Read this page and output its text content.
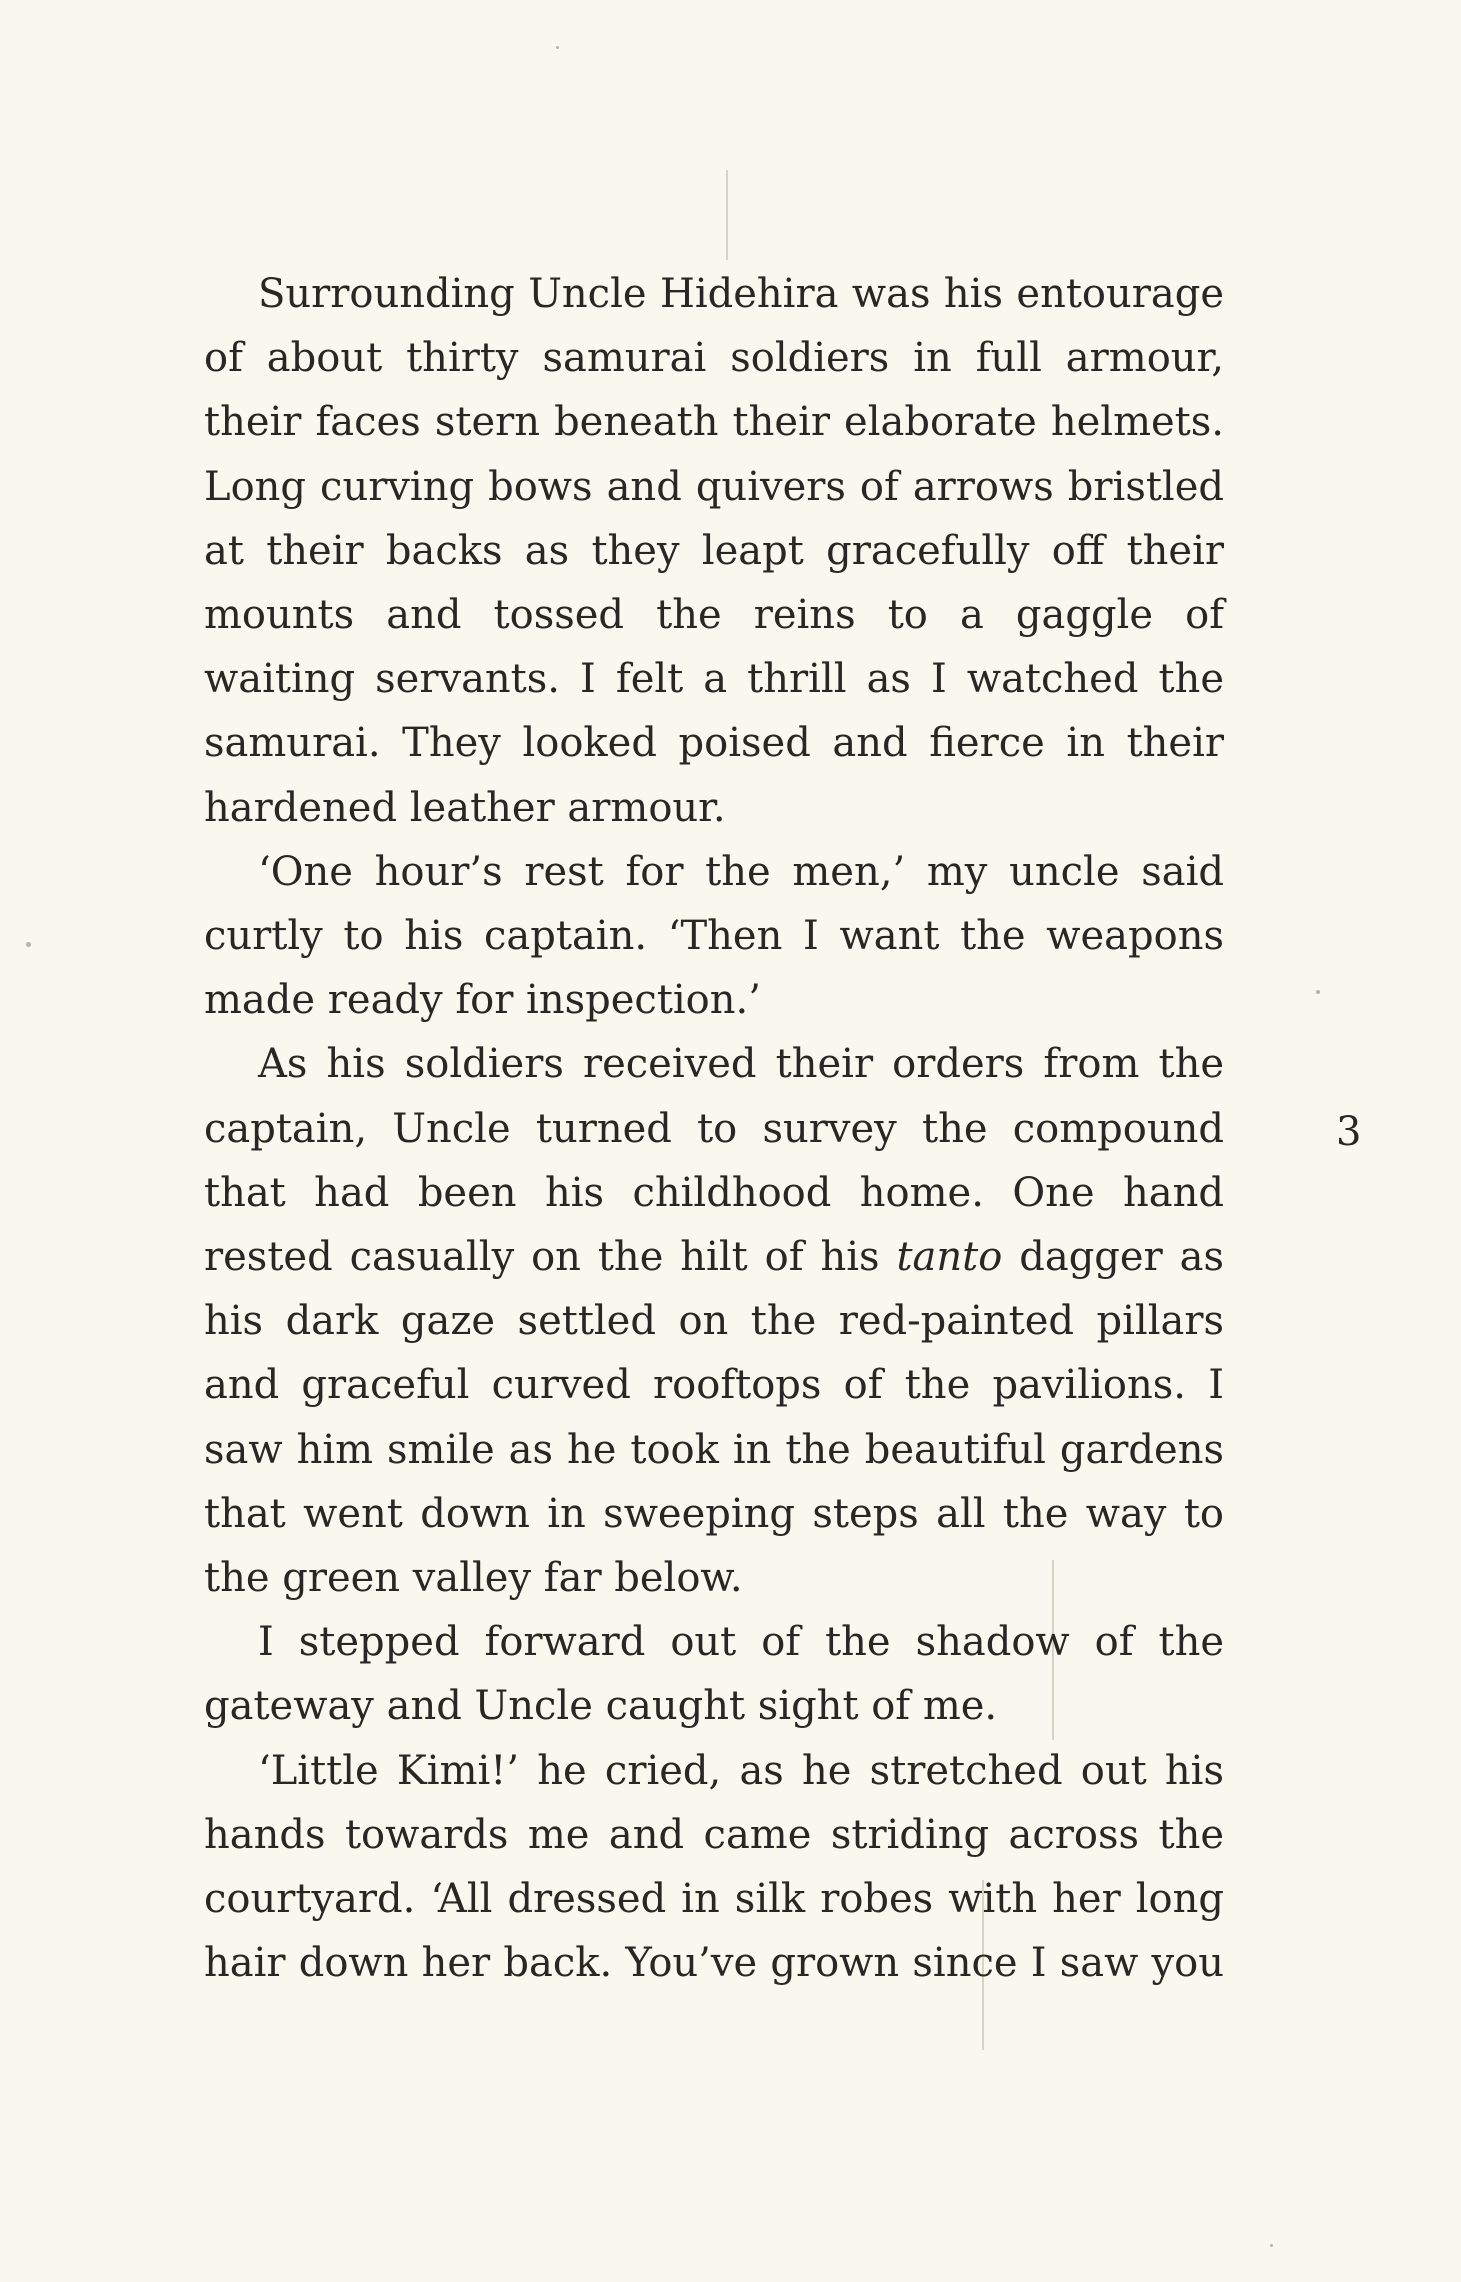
Surrounding Uncle Hidehira was his entourage of about thirty samurai soldiers in full armour, their faces stern beneath their elaborate helmets. Long curving bows and quivers of arrows bristled at their backs as they leapt gracefully off their mounts and tossed the reins to a gaggle of waiting servants. I felt a thrill as I watched the samurai. They looked poised and fierce in their hardened leather armour.

‘One hour’s rest for the men,’ my uncle said curtly to his captain. ‘Then I want the weapons made ready for inspection.’

As his soldiers received their orders from the captain, Uncle turned to survey the compound that had been his childhood home. One hand rested casually on the hilt of his tanto dagger as his dark gaze settled on the red-painted pillars and graceful curved rooftops of the pavilions. I saw him smile as he took in the beautiful gardens that went down in sweeping steps all the way to the green valley far below.

I stepped forward out of the shadow of the gateway and Uncle caught sight of me.

‘Little Kimi!’ he cried, as he stretched out his hands towards me and came striding across the courtyard. ‘All dressed in silk robes with her long hair down her back. You’ve grown since I saw you

3
